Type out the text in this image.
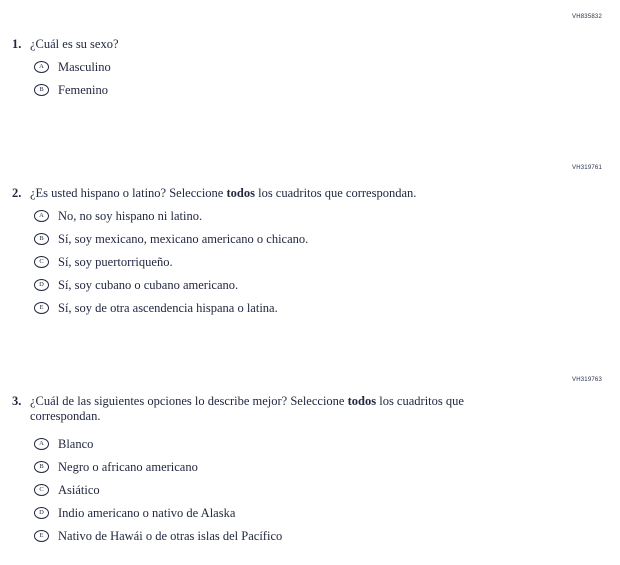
VH835832
1. ¿Cuál es su sexo?
A	Masculino
B	Femenino
VH319761
2. ¿Es usted hispano o latino? Seleccione todos los cuadritos que correspondan.
A	No, no soy hispano ni latino.
B	Sí, soy mexicano, mexicano americano o chicano.
C	Sí, soy puertorriqueño.
D	Sí, soy cubano o cubano americano.
E	Sí, soy de otra ascendencia hispana o latina.
VH319763
3. ¿Cuál de las siguientes opciones lo describe mejor? Seleccione todos los cuadritos que correspondan.
A	Blanco
B	Negro o africano americano
C	Asiático
D	Indio americano o nativo de Alaska
E	Nativo de Hawái o de otras islas del Pacífico
